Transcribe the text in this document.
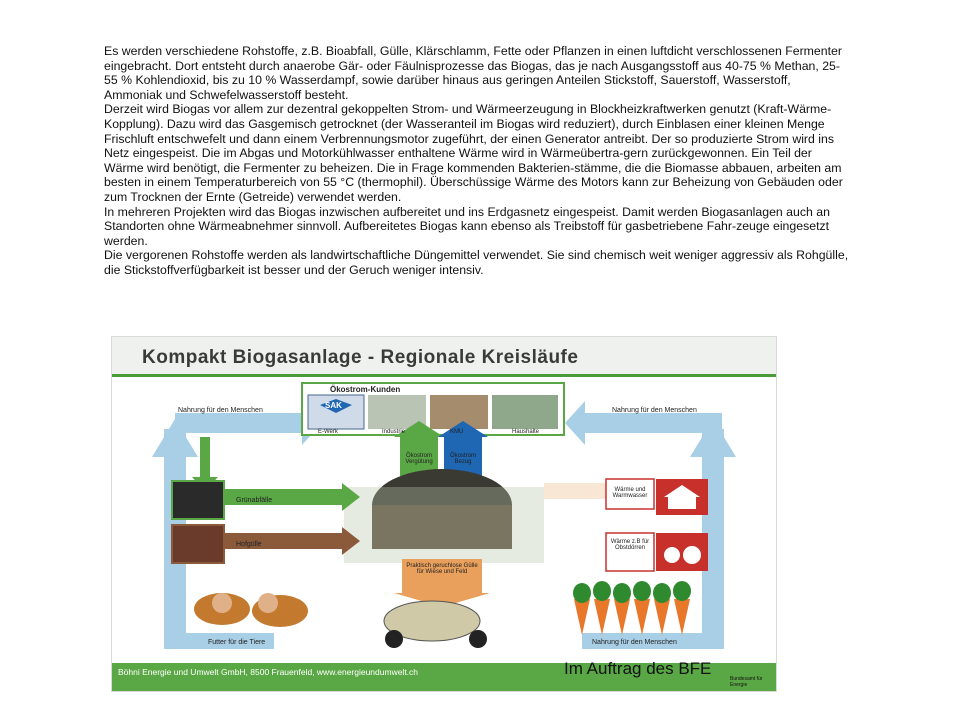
Es werden verschiedene Rohstoffe, z.B. Bioabfall, Gülle, Klärschlamm, Fette oder Pflanzen in einen luftdicht verschlossenen Fermenter eingebracht. Dort entsteht durch anaerobe Gär- oder Fäulnisprozesse das Biogas, das je nach Ausgangsstoff aus 40-75 % Methan, 25-55 % Kohlendioxid, bis zu 10 % Wasserdampf, sowie darüber hinaus aus geringen Anteilen Stickstoff, Sauerstoff, Wasserstoff, Ammoniak und Schwefelwasserstoff besteht.

Derzeit wird Biogas vor allem zur dezentral gekoppelten Strom- und Wärmeerzeugung in Blockheizkraftwerken genutzt (Kraft-Wärme-Kopplung). Dazu wird das Gasgemisch getrocknet (der Wasseranteil im Biogas wird reduziert), durch Einblasen einer kleinen Menge Frischluft entschwefelt und dann einem Verbrennungsmotor zugeführt, der einen Generator antreibt. Der so produzierte Strom wird ins Netz eingespeist. Die im Abgas und Motorkühlwasser enthaltene Wärme wird in Wärmeübertra-gern zurückgewonnen. Ein Teil der Wärme wird benötigt, die Fermenter zu beheizen. Die in Frage kommenden Bakterien-stämme, die die Biomasse abbauen, arbeiten am besten in einem Temperaturbereich von 55 °C (thermophil). Überschüssige Wärme des Motors kann zur Beheizung von Gebäuden oder zum Trocknen der Ernte (Getreide) verwendet werden.

In mehreren Projekten wird das Biogas inzwischen aufbereitet und ins Erdgasnetz eingespeist. Damit werden Biogasanlagen auch an Standorten ohne Wärmeabnehmer sinnvoll. Aufbereitetes Biogas kann ebenso als Treibstoff für gasbetriebene Fahr-zeuge eingesetzt werden.

Die vergorenen Rohstoffe werden als landwirtschaftliche Düngemittel verwendet. Sie sind chemisch weit weniger aggressiv als Rohgülle, die Stickstoffverfügbarkeit ist besser und der Geruch weniger intensiv.

Kompakt Biogasanlage - Regionale Kreisläufe
Ökostrom-Kunden
SAK
E-Werk	Industrie	KMU	Haushalte
Ökostrom Vergütung
Ökostrom Bezug
Nahrung für den Menschen	Nahrung für den Menschen
Grünabfälle
Hofgülle
Wärme und Warmwasser
Wärme z.B für Obstdörren
Praktisch geruchlose Gülle für Wiese und Feld
Futter für die Tiere	Nahrung für den Menschen
Böhni Energie und Umwelt GmbH, 8500 Frauenfeld, www.energieundumwelt.ch	Im Auftrag des BFE
Bundesamt für Energie
